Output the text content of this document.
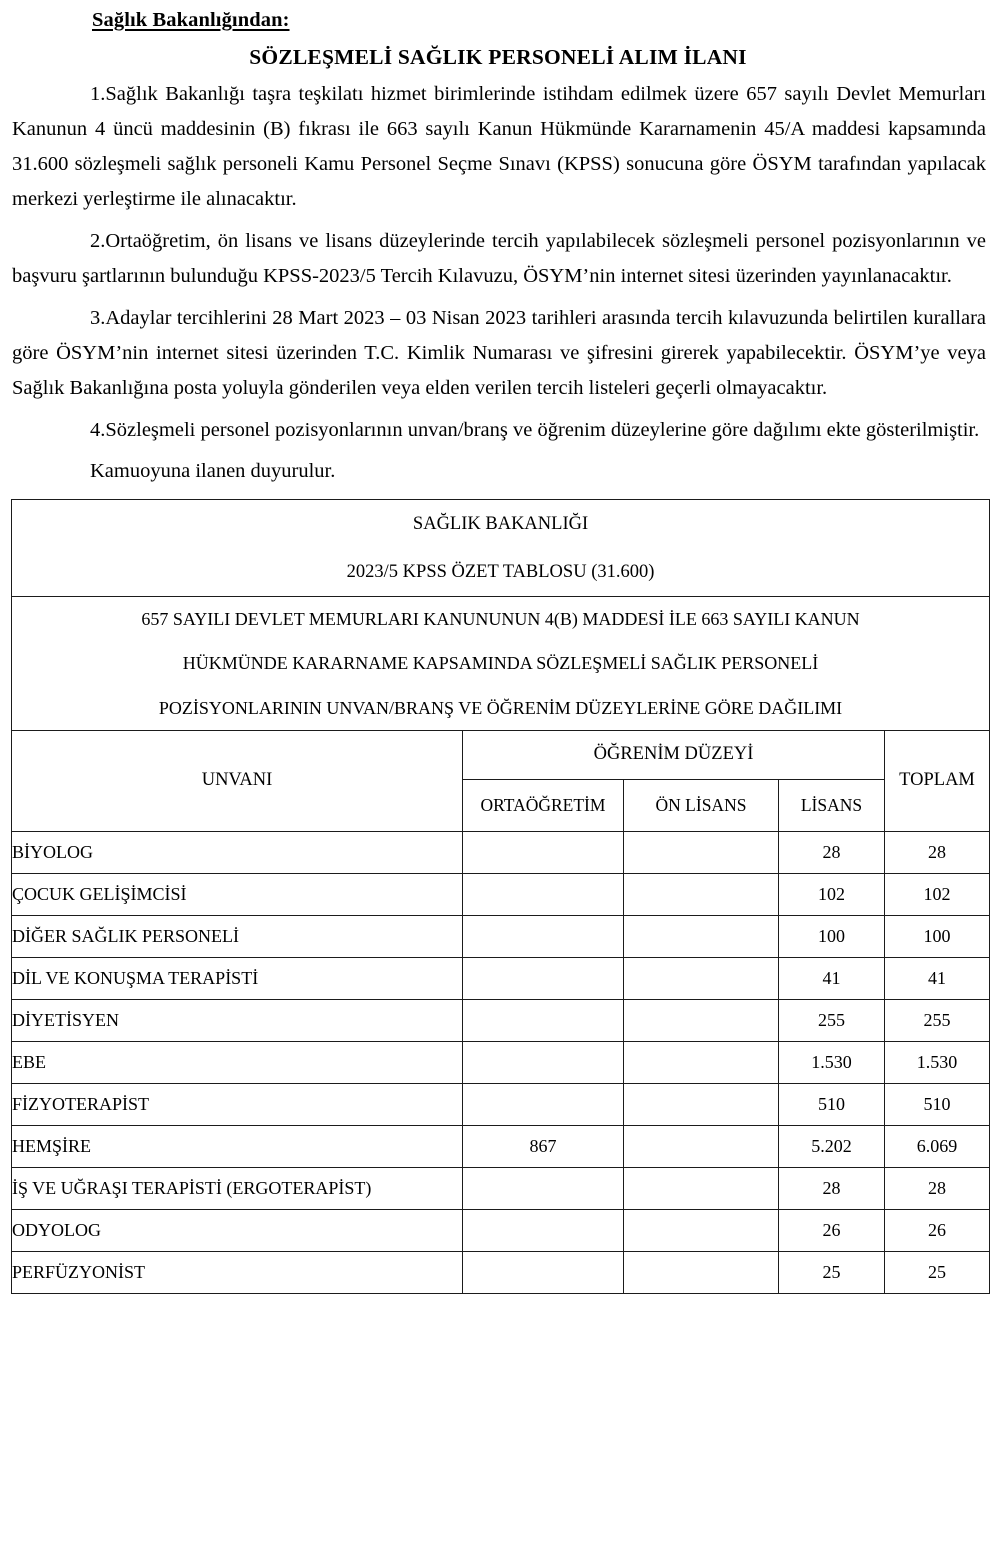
Sağlık Bakanlığından:
SÖZLEŞMELİ SAĞLIK PERSONELİ ALIM İLANI

1.Sağlık Bakanlığı taşra teşkilatı hizmet birimlerinde istihdam edilmek üzere 657 sayılı Devlet Memurları Kanunun 4 üncü maddesinin (B) fıkrası ile 663 sayılı Kanun Hükmünde Kararnamenin 45/A maddesi kapsamında 31.600 sözleşmeli sağlık personeli Kamu Personel Seçme Sınavı (KPSS) sonucuna göre ÖSYM tarafından yapılacak merkezi yerleştirme ile alınacaktır.

2.Ortaöğretim, ön lisans ve lisans düzeylerinde tercih yapılabilecek sözleşmeli personel pozisyonlarının ve başvuru şartlarının bulunduğu KPSS-2023/5 Tercih Kılavuzu, ÖSYM’nin internet sitesi üzerinden yayınlanacaktır.

3.Adaylar tercihlerini 28 Mart 2023 – 03 Nisan 2023 tarihleri arasında tercih kılavuzunda belirtilen kurallara göre ÖSYM’nin internet sitesi üzerinden T.C. Kimlik Numarası ve şifresini girerek yapabilecektir. ÖSYM’ye veya Sağlık Bakanlığına posta yoluyla gönderilen veya elden verilen tercih listeleri geçerli olmayacaktır.

4.Sözleşmeli personel pozisyonlarının unvan/branş ve öğrenim düzeylerine göre dağılımı ekte gösterilmiştir.

Kamuoyuna ilanen duyurulur.

SAĞLIK BAKANLIĞI
2023/5 KPSS ÖZET TABLOSU (31.600)				

657 SAYILI DEVLET MEMURLARI KANUNUNUN 4(B) MADDESİ İLE 663 SAYILI KANUN
HÜKMÜNDE KARARNAME KAPSAMINDA SÖZLEŞMELİ SAĞLIK PERSONELİ
POZİSYONLARININ UNVAN/BRANŞ VE ÖĞRENİM DÜZEYLERİNE GÖRE DAĞILIMI				

UNVANI	ÖĞRENİM DÜZEYİ			TOPLAM
	ORTAÖĞRETİM	ÖN LİSANS	LİSANS	
BİYOLOG			28	28
ÇOCUK GELİŞİMCİSİ			102	102
DİĞER SAĞLIK PERSONELİ			100	100
DİL VE KONUŞMA TERAPİSTİ			41	41
DİYETİSYEN			255	255
EBE			1.530	1.530
FİZYOTERAPİST			510	510
HEMŞİRE	867		5.202	6.069
İŞ VE UĞRAŞI TERAPİSTİ (ERGOTERAPİST)			28	28
ODYOLOG			26	26
PERFÜZYONİST			25	25
